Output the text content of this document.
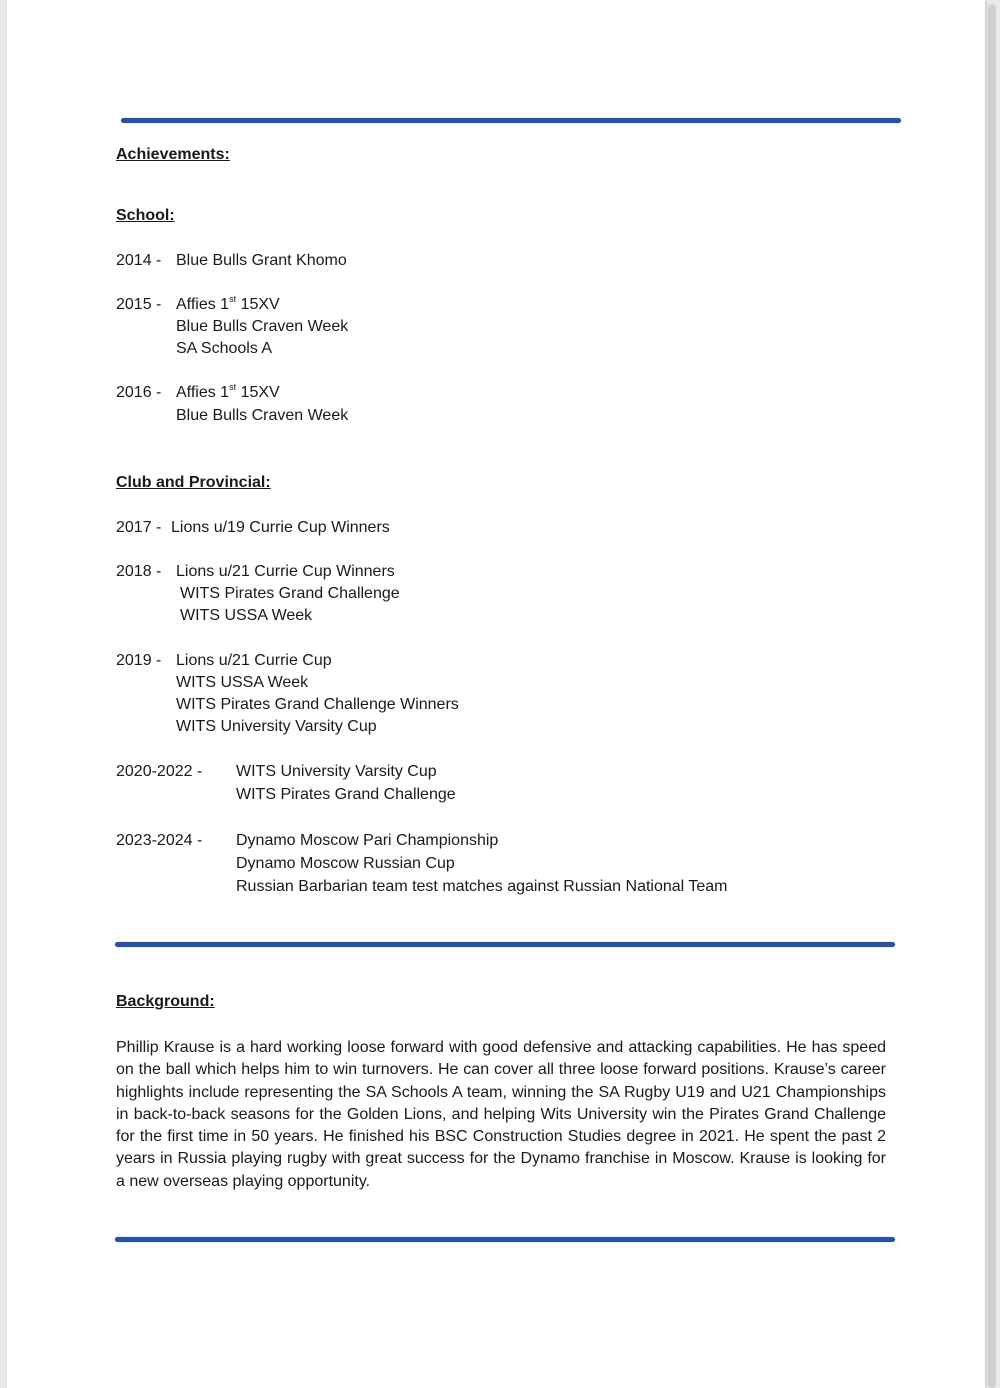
Achievements:
School:
2014 - Blue Bulls Grant Khomo
2015 - Affies 1st 15XV
Blue Bulls Craven Week
SA Schools A
2016 - Affies 1st 15XV
Blue Bulls Craven Week
Club and Provincial:
2017 - Lions u/19 Currie Cup Winners
2018 - Lions u/21 Currie Cup Winners
WITS Pirates Grand Challenge
WITS USSA Week
2019 - Lions u/21 Currie Cup
WITS USSA Week
WITS Pirates Grand Challenge Winners
WITS University Varsity Cup
2020-2022 - WITS University Varsity Cup
WITS Pirates Grand Challenge
2023-2024 - Dynamo Moscow Pari Championship
Dynamo Moscow Russian Cup
Russian Barbarian team test matches against Russian National Team
Background:
Phillip Krause is a hard working loose forward with good defensive and attacking capabilities. He has speed on the ball which helps him to win turnovers. He can cover all three loose forward positions. Krause’s career highlights include representing the SA Schools A team, winning the SA Rugby U19 and U21 Championships in back-to-back seasons for the Golden Lions, and helping Wits University win the Pirates Grand Challenge for the first time in 50 years. He finished his BSC Construction Studies degree in 2021. He spent the past 2 years in Russia playing rugby with great success for the Dynamo franchise in Moscow. Krause is looking for a new overseas playing opportunity.
